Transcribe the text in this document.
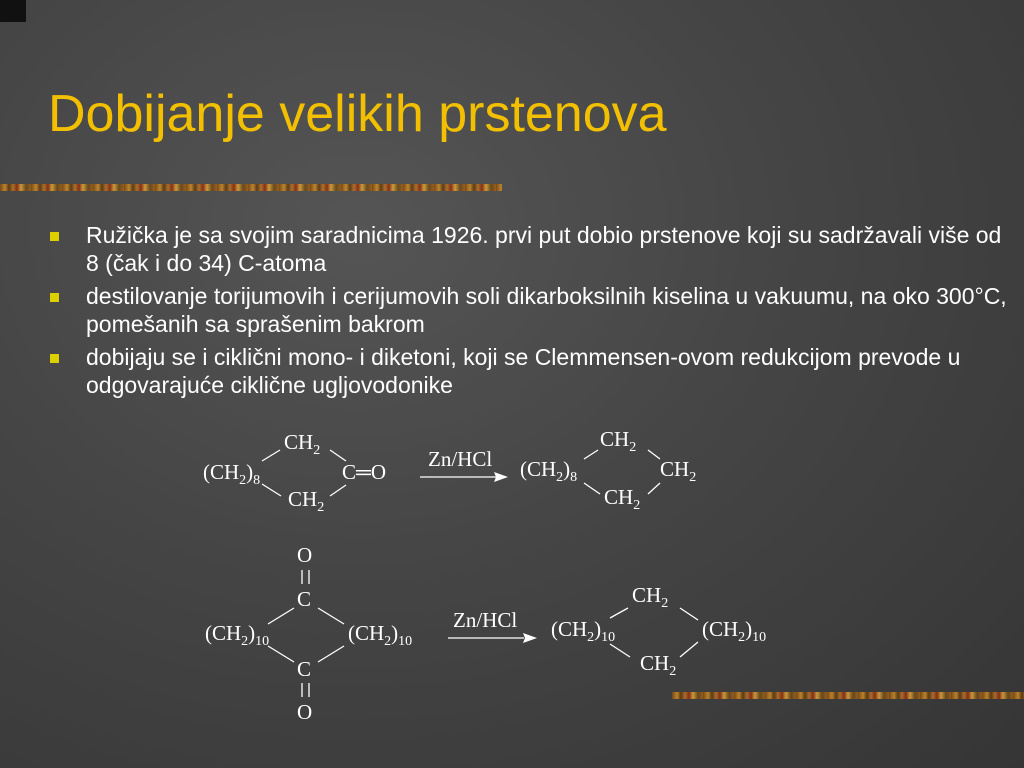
Dobijanje velikih prstenova
Ružička je sa svojim saradnicima 1926. prvi put dobio prstenove koji su sadržavali više od 8 (čak i do 34) C-atoma
destilovanje torijumovih i cerijumovih soli dikarboksilnih kiselina u vakuumu, na oko 300°C, pomešanih sa sprašenim bakrom
dobijaju se i ciklični mono- i diketoni, koji se Clemmensen-ovom redukcijom prevode u odgovarajuće ciklične ugljovodonike
$CH_2$
$(CH_2)_8$	C═O
$CH_2$
Zn/HCl
$CH_2$
$(CH_2)_8$	$CH_2$
$CH_2$
O
C
$(CH_2)_{10}$	$(CH_2)_{10}$
C
O
Zn/HCl
$CH_2$
$(CH_2)_{10}$	$(CH_2)_{10}$
$CH_2$
